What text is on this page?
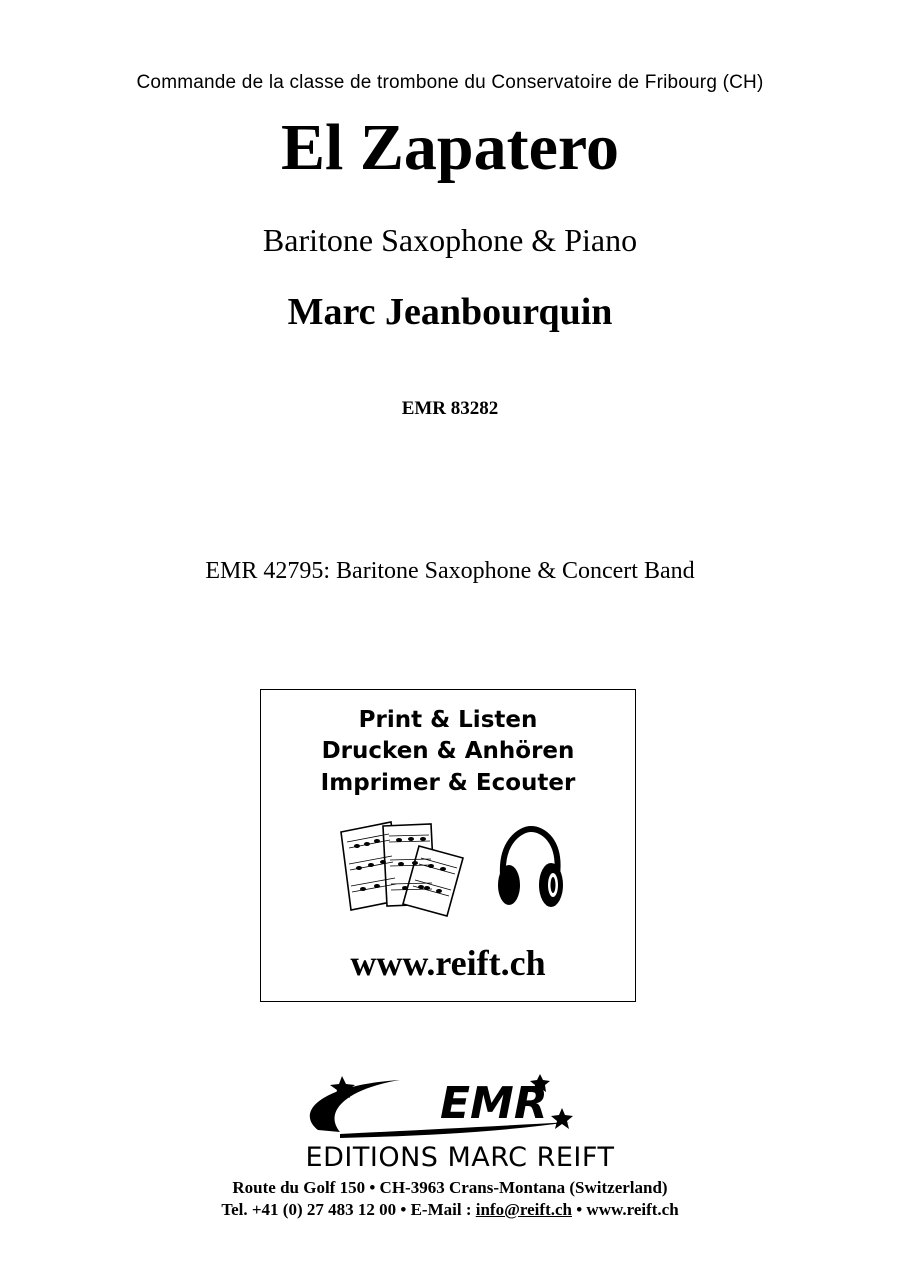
Commande de la classe de trombone du Conservatoire de Fribourg (CH)
El Zapatero
Baritone Saxophone & Piano
Marc Jeanbourquin
EMR 83282
EMR 42795: Baritone Saxophone & Concert Band
Print & Listen
Drucken & Anhören
Imprimer & Ecouter
www.reift.ch
EMR
EDITIONS MARC REIFT
Route du Golf 150 • CH-3963 Crans-Montana (Switzerland)
Tel. +41 (0) 27 483 12 00 • E-Mail : info@reift.ch • www.reift.ch
